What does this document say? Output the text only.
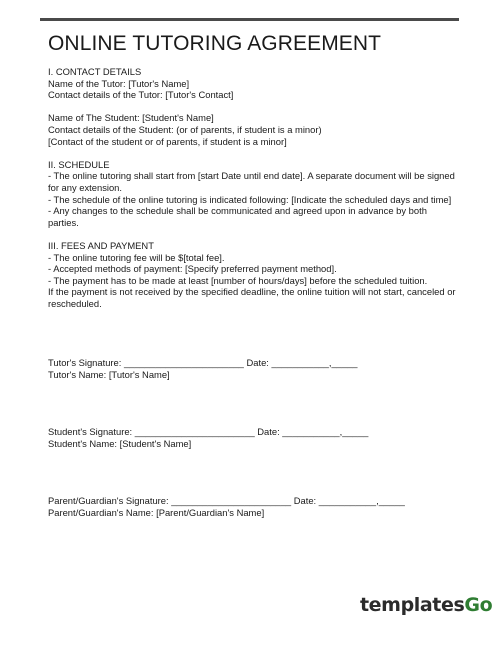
ONLINE TUTORING AGREEMENT

I. CONTACT DETAILS

Name of the Tutor: [Tutor's Name]

Contact details of the Tutor: [Tutor's Contact]

Name of The Student: [Student's Name]

Contact details of the Student: (or of parents, if student is a minor)

[Contact of the student or of parents, if student is a minor]

II. SCHEDULE

- The online tutoring shall start from [start Date until end date]. A separate document will be signed for any extension.

- The schedule of the online tutoring is indicated following: [Indicate the scheduled days and time]

- Any changes to the schedule shall be communicated and agreed upon in advance by both parties.

III. FEES AND PAYMENT

- The online tutoring fee will be $[total fee].

- Accepted methods of payment: [Specify preferred payment method].

- The payment has to be made at least [number of hours/days] before the scheduled tuition.

If the payment is not received by the specified deadline, the online tuition will not start, canceled or rescheduled.

Tutor's Signature: _______________________ Date: ___________,_____

Tutor's Name: [Tutor's Name]

Student's Signature: _______________________ Date: ___________,_____

Student's Name: [Student's Name]

Parent/Guardian's Signature: _______________________ Date: ___________,_____

Parent/Guardian's Name: [Parent/Guardian's Name]

templates Go
